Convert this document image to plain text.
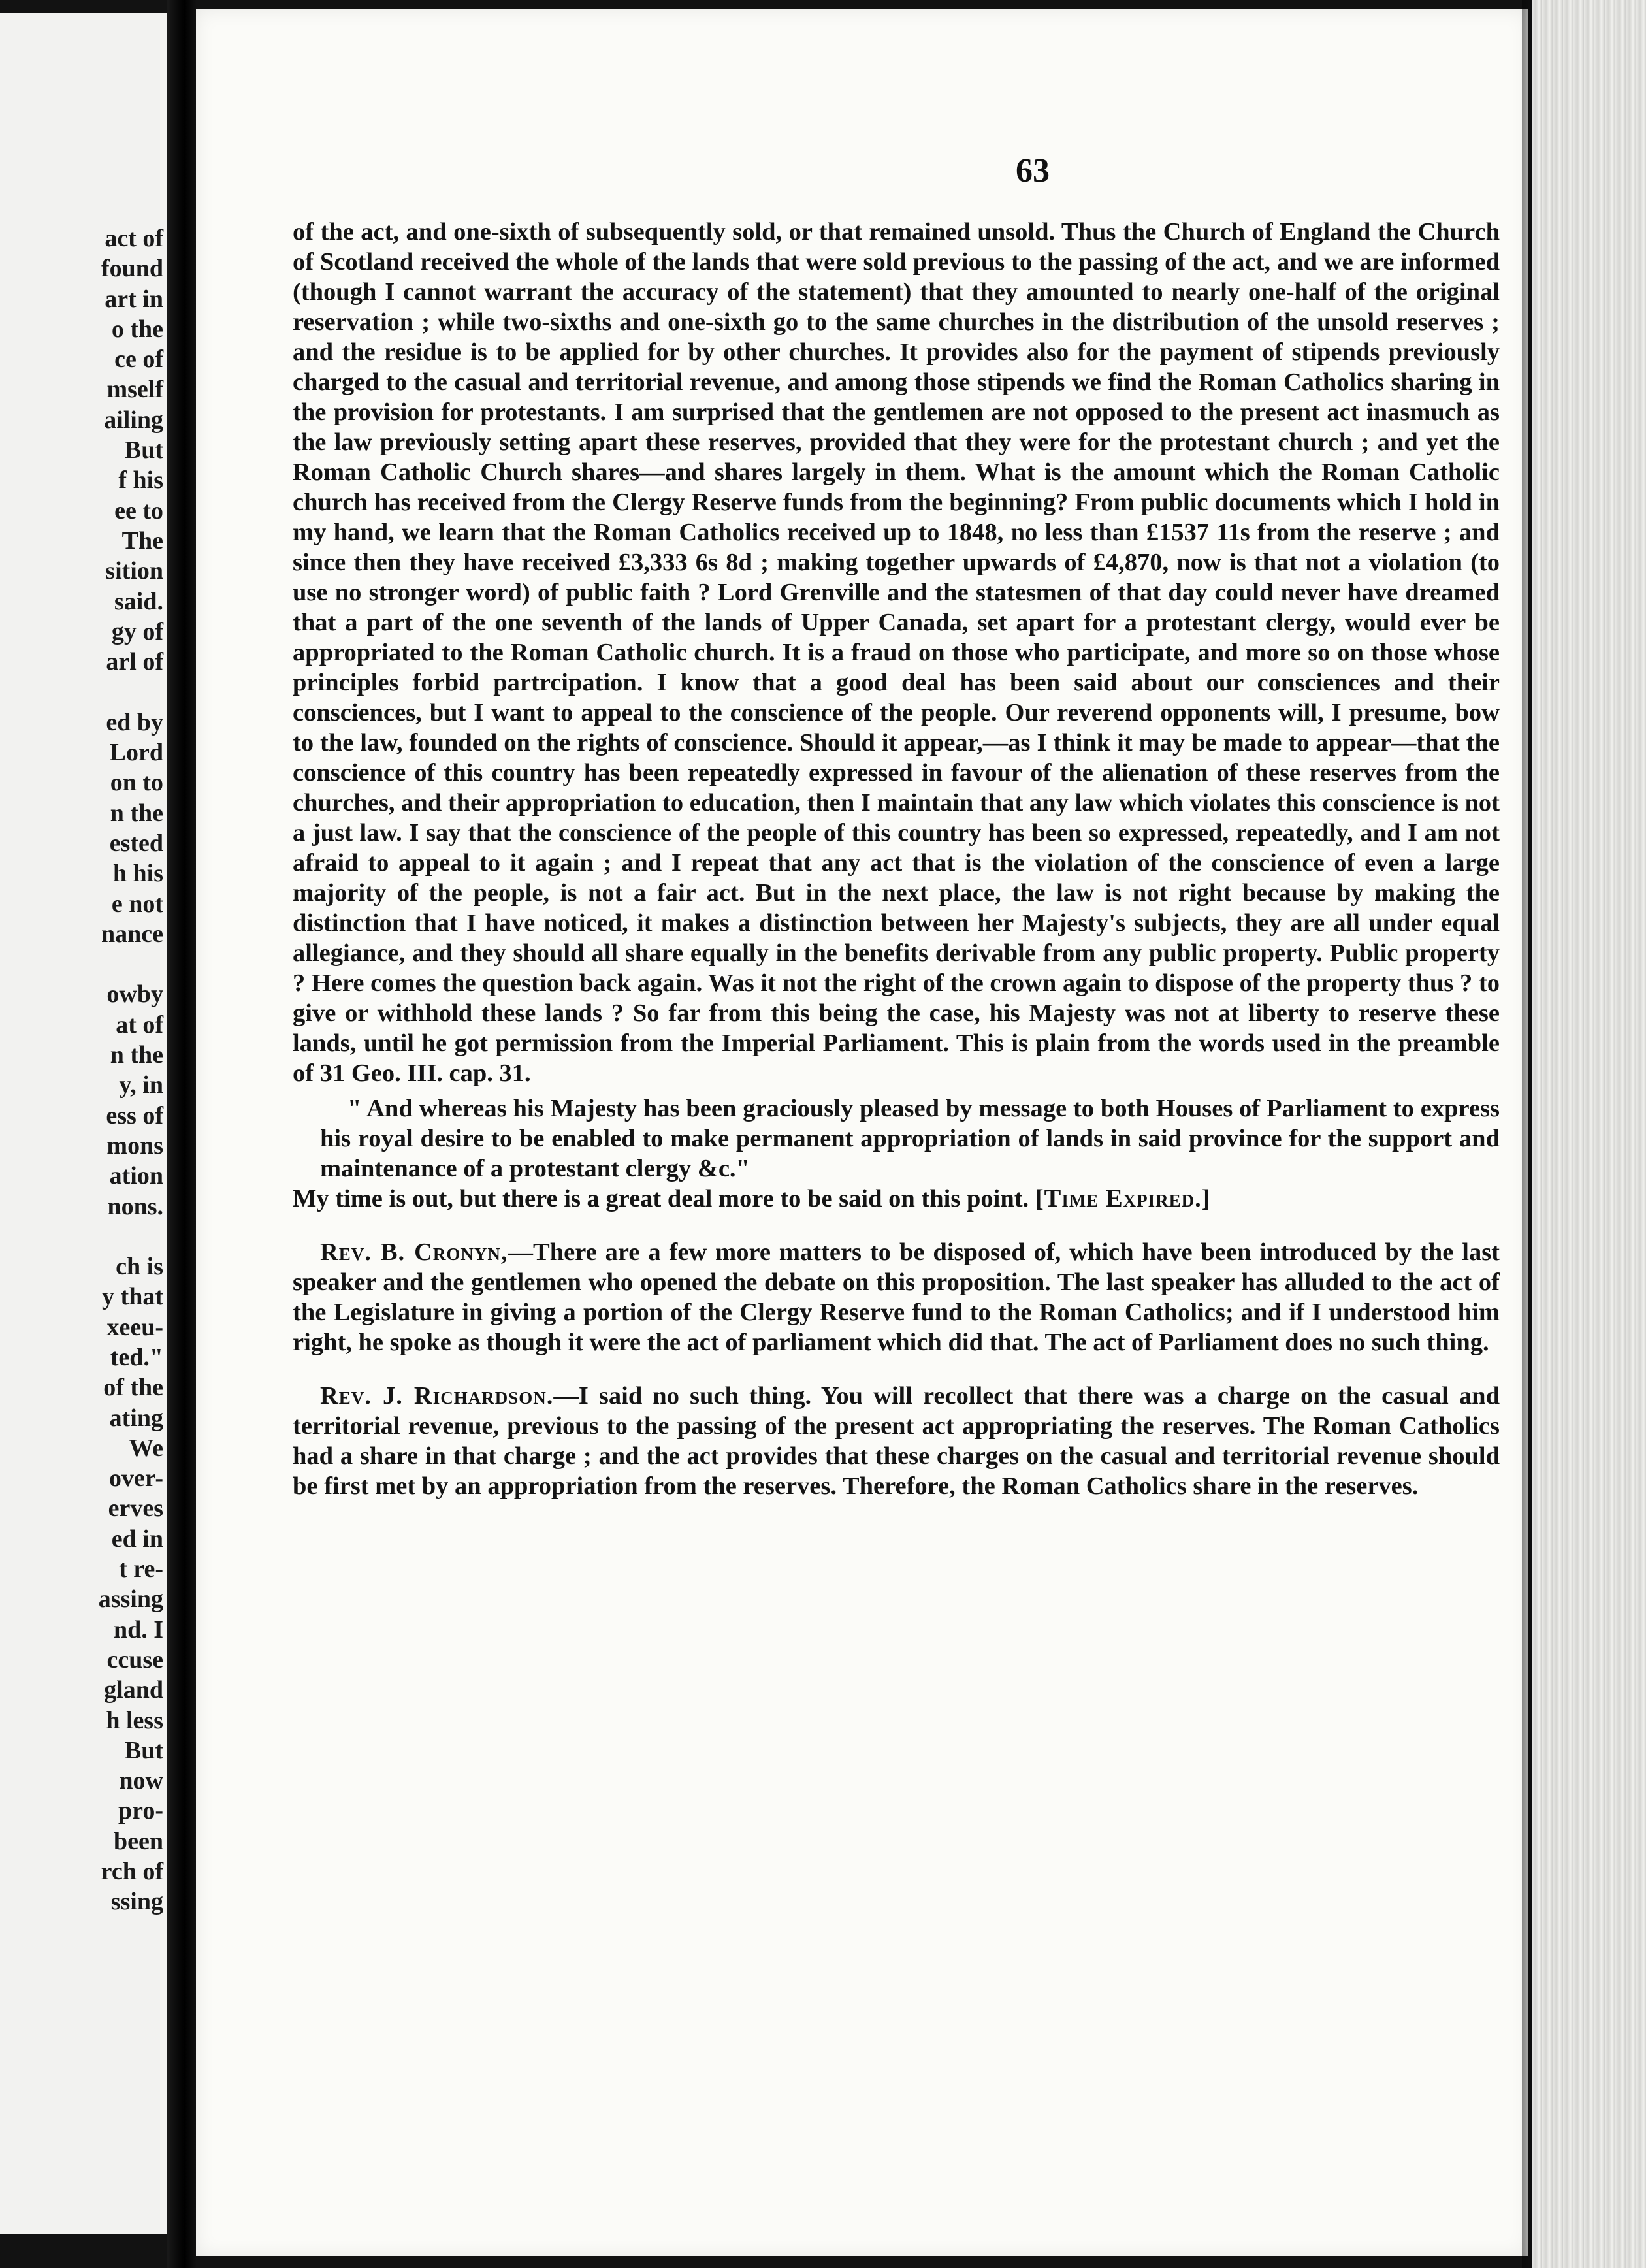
act of
found
art in
o the
ce of
mself
ailing
But
f his
ee to
The
sition
said.
gy of
arl of

ed by
Lord
on to
n the
ested
h his
e not
nance

owby
at of
n the
y, in
ess of
mons
ation
nons.

ch is
y that
xeeu-
ted."
of the
ating
We
over-
erves
ed in
t re-
assing
nd. I
ccuse
gland
h less
But
now
pro-
been
rch of
ssing
63

of the act, and one-sixth of subsequently sold, or that remained unsold. Thus the Church of England the Church of Scotland received the whole of the lands that were sold previous to the passing of the act, and we are informed (though I cannot warrant the accuracy of the statement) that they amounted to nearly one-half of the original reservation ; while two-sixths and one-sixth go to the same churches in the distribution of the unsold reserves ; and the residue is to be applied for by other churches. It provides also for the payment of stipends previously charged to the casual and territorial revenue, and among those stipends we find the Roman Catholics sharing in the provision for protestants. I am surprised that the gentlemen are not opposed to the present act inasmuch as the law previously setting apart these reserves, provided that they were for the protestant church ; and yet the Roman Catholic Church shares—and shares largely in them. What is the amount which the Roman Catholic church has received from the Clergy Reserve funds from the beginning? From public documents which I hold in my hand, we learn that the Roman Catholics received up to 1848, no less than £1537 11s from the reserve ; and since then they have received £3,333 6s 8d ; making together upwards of £4,870, now is that not a violation (to use no stronger word) of public faith ? Lord Grenville and the statesmen of that day could never have dreamed that a part of the one seventh of the lands of Upper Canada, set apart for a protestant clergy, would ever be appropriated to the Roman Catholic church. It is a fraud on those who participate, and more so on those whose principles forbid partrcipation. I know that a good deal has been said about our consciences and their consciences, but I want to appeal to the conscience of the people. Our reverend opponents will, I presume, bow to the law, founded on the rights of conscience. Should it appear,—as I think it may be made to appear—that the conscience of this country has been repeatedly expressed in favour of the alienation of these reserves from the churches, and their appropriation to education, then I maintain that any law which violates this conscience is not a just law. I say that the conscience of the people of this country has been so expressed, repeatedly, and I am not afraid to appeal to it again ; and I repeat that any act that is the violation of the conscience of even a large majority of the people, is not a fair act. But in the next place, the law is not right because by making the distinction that I have noticed, it makes a distinction between her Majesty's subjects, they are all under equal allegiance, and they should all share equally in the benefits derivable from any public property. Public property ? Here comes the question back again. Was it not the right of the crown again to dispose of the property thus ? to give or withhold these lands ? So far from this being the case, his Majesty was not at liberty to reserve these lands, until he got permission from the Imperial Parliament. This is plain from the words used in the preamble of 31 Geo. III. cap. 31.

" And whereas his Majesty has been graciously pleased by message to both Houses of Parliament to express his royal desire to be enabled to make permanent appropriation of lands in said province for the support and maintenance of a protestant clergy &c."

My time is out, but there is a great deal more to be said on this point. [Time Expired.]

Rev. B. Cronyn,—There are a few more matters to be disposed of, which have been introduced by the last speaker and the gentlemen who opened the debate on this proposition. The last speaker has alluded to the act of the Legislature in giving a portion of the Clergy Reserve fund to the Roman Catholics; and if I understood him right, he spoke as though it were the act of parliament which did that. The act of Parliament does no such thing.

Rev. J. Richardson.—I said no such thing. You will recollect that there was a charge on the casual and territorial revenue, previous to the passing of the present act appropriating the reserves. The Roman Catholics had a share in that charge ; and the act provides that these charges on the casual and territorial revenue should be first met by an appropriation from the reserves. Therefore, the Roman Catholics share in the reserves.
